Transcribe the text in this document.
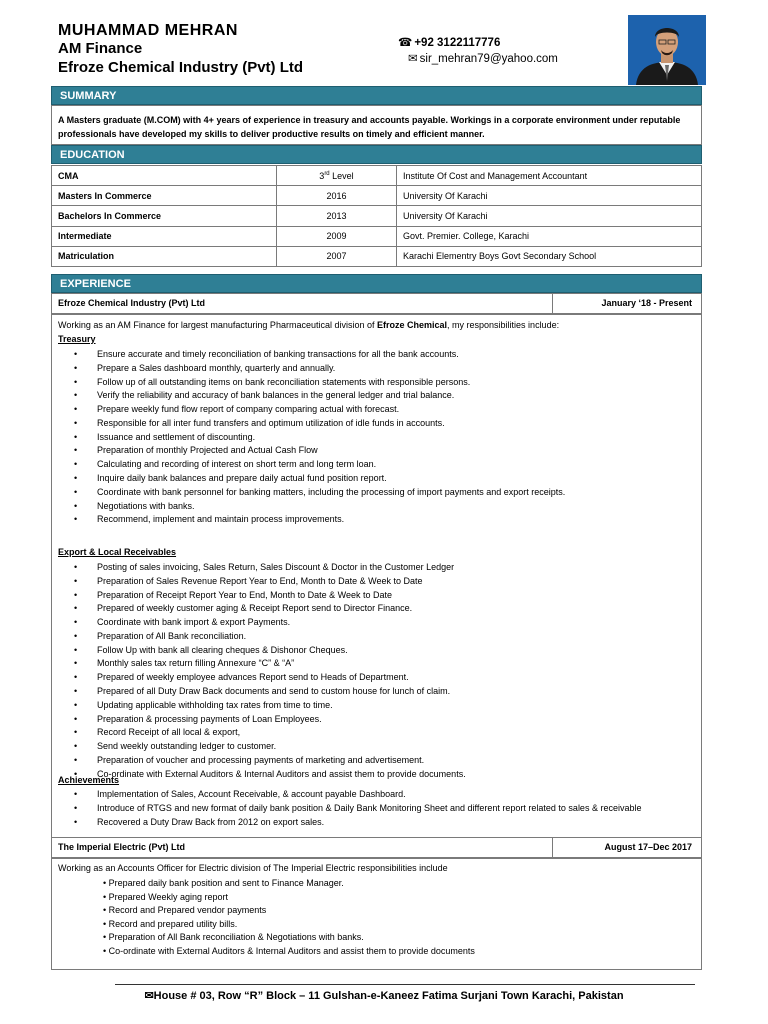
MUHAMMAD MEHRAN
AM Finance
Efroze Chemical Industry (Pvt) Ltd
☎ +92 3122117776
✉ sir_mehran79@yahoo.com
SUMMARY
A Masters graduate (M.COM) with 4+ years of experience in treasury and accounts payable. Workings in a corporate environment under reputable professionals have developed my skills to deliver productive results on timely and efficient manner.
EDUCATION
CMA	3rd Level	Institute Of Cost and Management Accountant
Masters In Commerce	2016	University Of Karachi
Bachelors In Commerce	2013	University Of Karachi
Intermediate	2009	Govt. Premier. College, Karachi
Matriculation	2007	Karachi Elementry Boys Govt Secondary School
EXPERIENCE
Efroze Chemical Industry (Pvt) Ltd	January ‘18 - Present
Working as an AM Finance for largest manufacturing Pharmaceutical division of Efroze Chemical, my responsibilities include:
Treasury
• Ensure accurate and timely reconciliation of banking transactions for all the bank accounts.
• Prepare a Sales dashboard monthly, quarterly and annually.
• Follow up of all outstanding items on bank reconciliation statements with responsible persons.
• Verify the reliability and accuracy of bank balances in the general ledger and trial balance.
• Prepare weekly fund flow report of company comparing actual with forecast.
• Responsible for all inter fund transfers and optimum utilization of idle funds in accounts.
• Issuance and settlement of discounting.
• Preparation of monthly Projected and Actual Cash Flow
• Calculating and recording of interest on short term and long term loan.
• Inquire daily bank balances and prepare daily actual fund position report.
• Coordinate with bank personnel for banking matters, including the processing of import payments and export receipts.
• Negotiations with banks.
• Recommend, implement and maintain process improvements.
Export & Local Receivables
• Posting of sales invoicing, Sales Return, Sales Discount & Doctor in the Customer Ledger
• Preparation of Sales Revenue Report Year to End, Month to Date & Week to Date
• Preparation of Receipt Report Year to End, Month to Date & Week to Date
• Prepared of weekly customer aging & Receipt Report send to Director Finance.
• Coordinate with bank import & export Payments.
• Preparation of All Bank reconciliation.
• Follow Up with bank all clearing cheques & Dishonor Cheques.
• Monthly sales tax return filling Annexure “C” & “A”
• Prepared of weekly employee advances Report send to Heads of Department.
• Prepared of all Duty Draw Back documents and send to custom house for lunch of claim.
• Updating applicable withholding tax rates from time to time.
• Preparation & processing payments of Loan Employees.
• Record Receipt of all local & export,
• Send weekly outstanding ledger to customer.
• Preparation of voucher and processing payments of marketing and advertisement.
• Co-ordinate with External Auditors & Internal Auditors and assist them to provide documents.
Achievements
• Implementation of Sales, Account Receivable, & account payable Dashboard.
• Introduce of RTGS and new format of daily bank position & Daily Bank Monitoring Sheet and different report related to sales & receivable
• Recovered a Duty Draw Back from 2012 on export sales.
The Imperial Electric (Pvt) Ltd	August 17–Dec 2017
Working as an Accounts Officer for Electric division of The Imperial Electric responsibilities include
• Prepared daily bank position and sent to Finance Manager.
• Prepared Weekly aging report
• Record and Prepared vendor payments
• Record and prepared utility bills.
• Preparation of All Bank reconciliation & Negotiations with banks.
• Co-ordinate with External Auditors & Internal Auditors and assist them to provide documents
✉House # 03, Row “R” Block – 11 Gulshan-e-Kaneez Fatima Surjani Town Karachi, Pakistan
